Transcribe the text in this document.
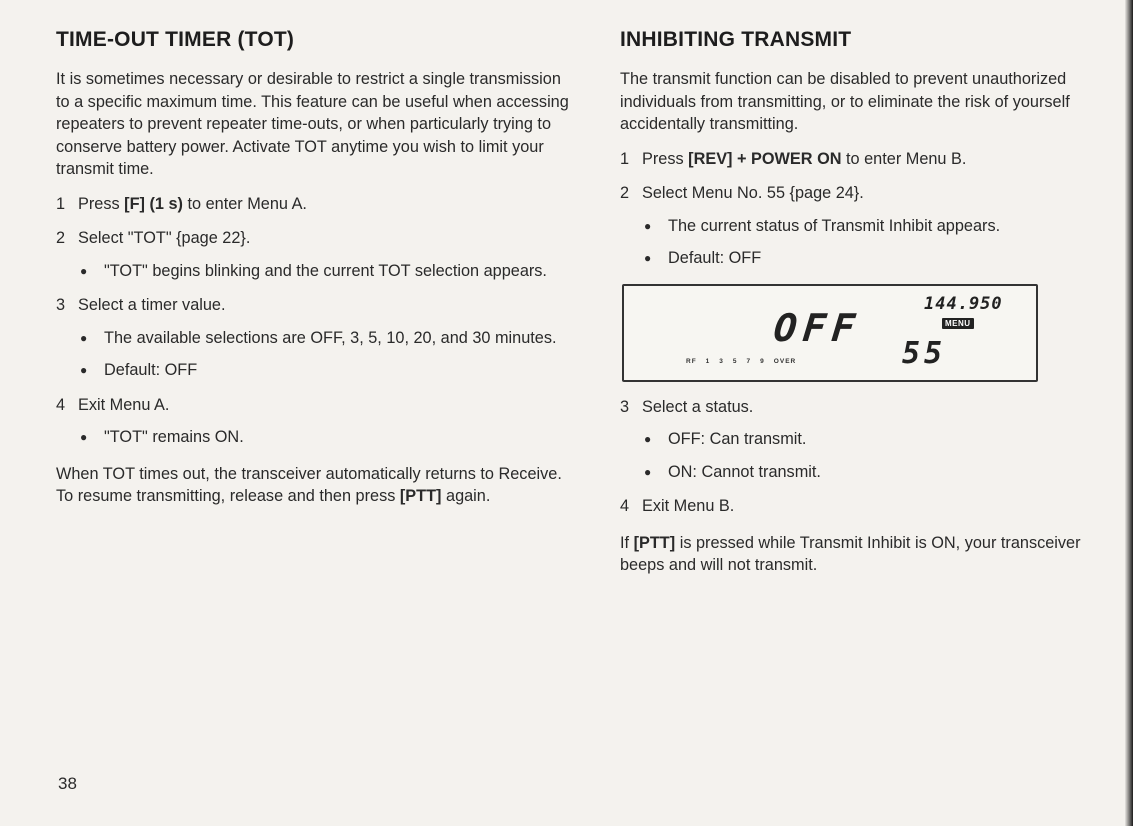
TIME-OUT TIMER (TOT)

It is sometimes necessary or desirable to restrict a single transmission to a specific maximum time. This feature can be useful when accessing repeaters to prevent repeater time-outs, or when particularly trying to conserve battery power. Activate TOT anytime you wish to limit your transmit time.

1 Press [F] (1 s) to enter Menu A.
2 Select "TOT" {page 22}.
●	"TOT" begins blinking and the current TOT selection appears.
3 Select a timer value.
●	The available selections are OFF, 3, 5, 10, 20, and 30 minutes.
●	Default: OFF
4 Exit Menu A.
●	"TOT" remains ON.

When TOT times out, the transceiver automatically returns to Receive. To resume transmitting, release and then press [PTT] again.

INHIBITING TRANSMIT

The transmit function can be disabled to prevent unauthorized individuals from transmitting, or to eliminate the risk of yourself accidentally transmitting.

1 Press [REV] + POWER ON to enter Menu B.
2 Select Menu No. 55 {page 24}.
●	The current status of Transmit Inhibit appears.
●	Default: OFF
OFF
144.950
MENU
55
RF 1 3 5 7 9 OVER
3 Select a status.
●	OFF: Can transmit.
●	ON: Cannot transmit.
4 Exit Menu B.

If [PTT] is pressed while Transmit Inhibit is ON, your transceiver beeps and will not transmit.

38
